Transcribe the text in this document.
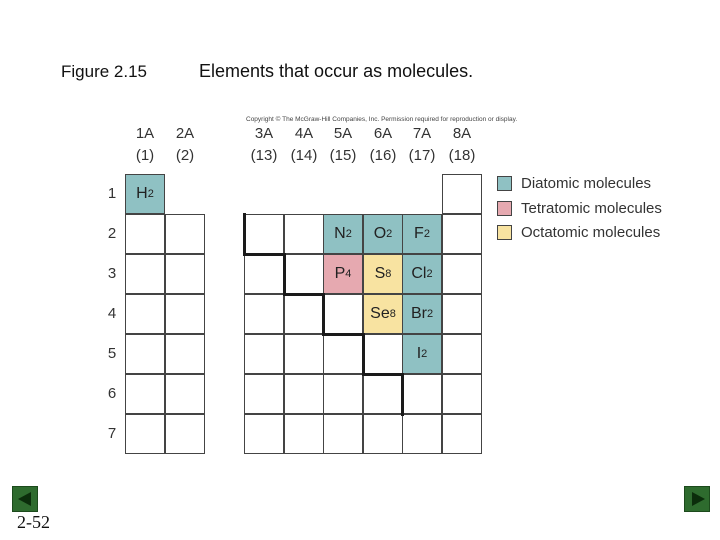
Figure 2.15	Elements that occur as molecules.
Copyright © The McGraw-Hill Companies, Inc. Permission required for reproduction or display.
1A
(1)
2A
(2)
3A
(13)
4A
(14)
5A
(15)
6A
(16)
7A
(17)
8A
(18)
1
2
3
4
5
6
7
H 2
N 2 O 2 F 2
P 4 S 8 Cl 2
Se 8 Br 2
I 2
Diatomic molecules
Tetratomic molecules
Octatomic molecules
2-52
